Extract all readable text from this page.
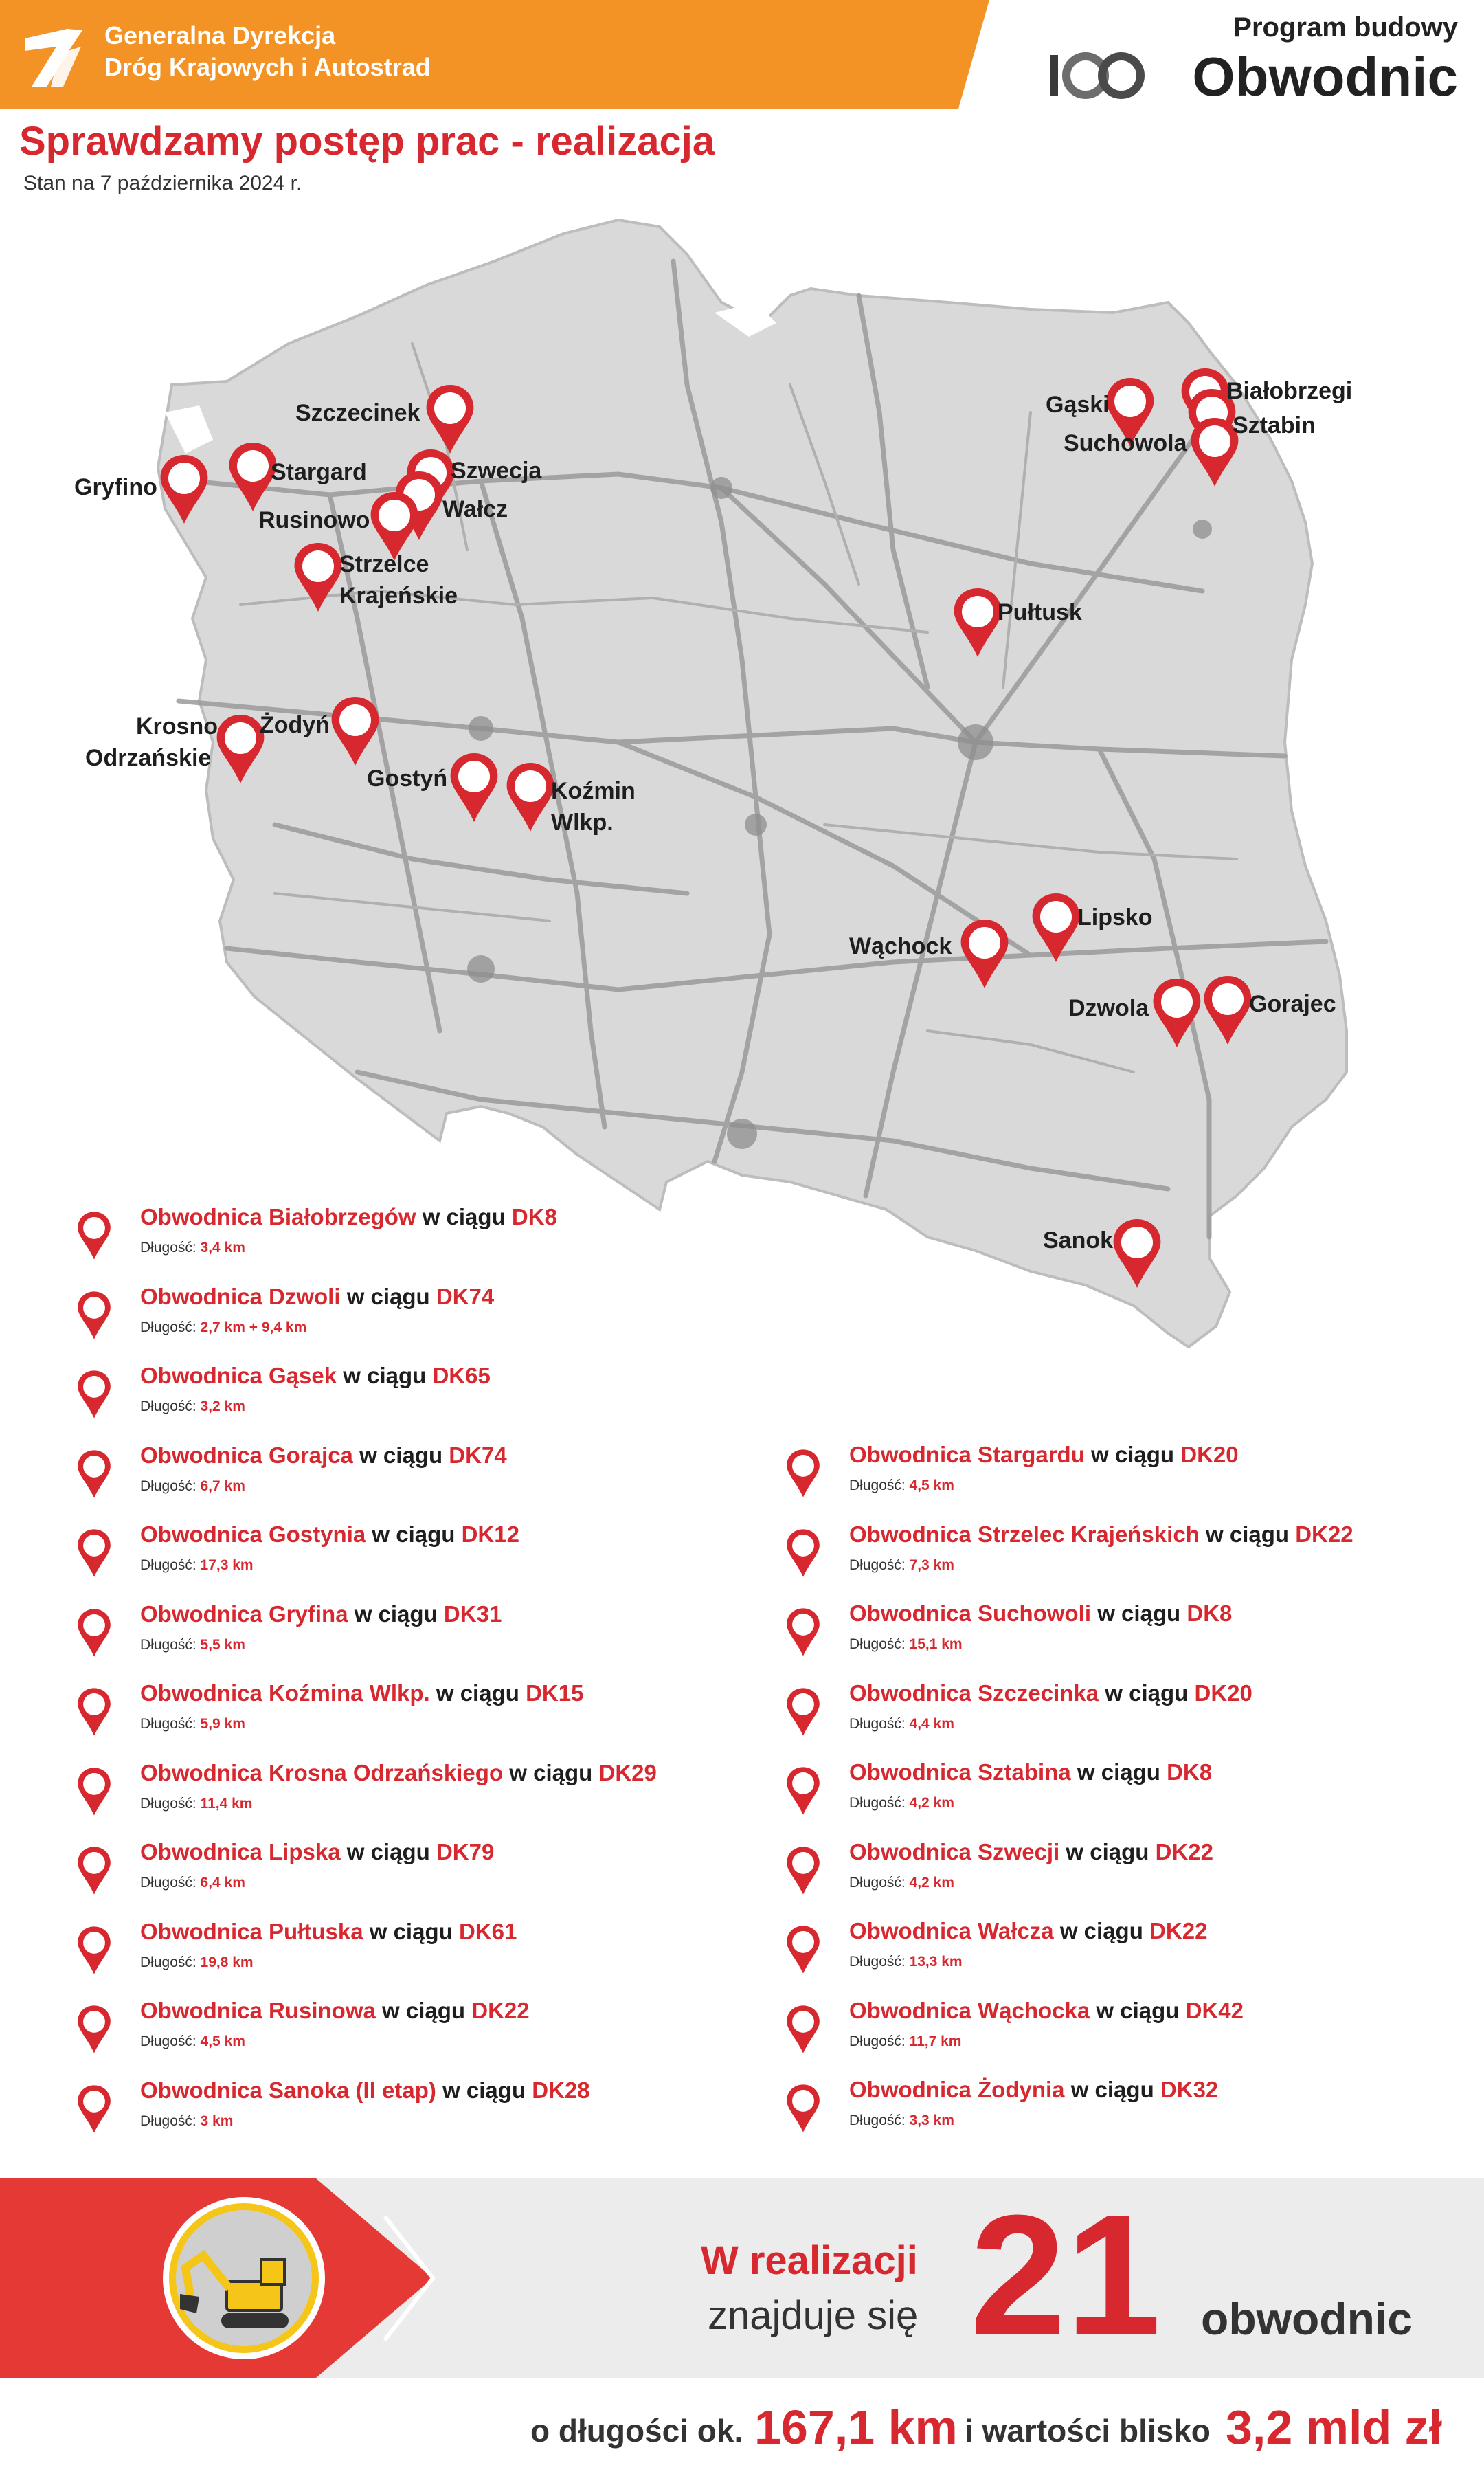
Szczecinek
Stargard
Gryfino
Szwecja
Wałcz
Rusinowo
Strzelce
Krajeńskie
Gąski
Białobrzegi
Sztabin
Suchowola
Pułtusk
Krosno
Odrzańskie
Żodyń
Gostyń	Koźmin
Wlkp.
Lipsko
Wąchock
Dzwola	Gorajec
Sanok
Generalna Dyrekcja
Dróg Krajowych i Autostrad
Program budowy
Obwodnic
Sprawdzamy postęp prac - realizacja
Stan na 7 października 2024 r.
Obwodnica Białobrzegów w ciągu DK8
Długość: 3,4 km
Obwodnica Dzwoli w ciągu DK74
Długość: 2,7 km + 9,4 km
Obwodnica Gąsek w ciągu DK65
Długość: 3,2 km
Obwodnica Gorajca w ciągu DK74
Długość: 6,7 km
Obwodnica Gostynia w ciągu DK12
Długość: 17,3 km
Obwodnica Gryfina w ciągu DK31
Długość: 5,5 km
Obwodnica Koźmina Wlkp. w ciągu DK15
Długość: 5,9 km
Obwodnica Krosna Odrzańskiego w ciągu DK29
Długość: 11,4 km
Obwodnica Lipska w ciągu DK79
Długość: 6,4 km
Obwodnica Pułtuska w ciągu DK61
Długość: 19,8 km
Obwodnica Rusinowa w ciągu DK22
Długość: 4,5 km
Obwodnica Sanoka (II etap) w ciągu DK28
Długość: 3 km
Obwodnica Stargardu w ciągu DK20
Długość: 4,5 km
Obwodnica Strzelec Krajeńskich w ciągu DK22
Długość: 7,3 km
Obwodnica Suchowoli w ciągu DK8
Długość: 15,1 km
Obwodnica Szczecinka w ciągu DK20
Długość: 4,4 km
Obwodnica Sztabina w ciągu DK8
Długość: 4,2 km
Obwodnica Szwecji w ciągu DK22
Długość: 4,2 km
Obwodnica Wałcza w ciągu DK22
Długość: 13,3 km
Obwodnica Wąchocka w ciągu DK42
Długość: 11,7 km
Obwodnica Żodynia w ciągu DK32
Długość: 3,3 km
W realizacji
znajduje się 21 obwodnic
o długości ok. 167,1 km i wartości blisko 3,2 mld zł
